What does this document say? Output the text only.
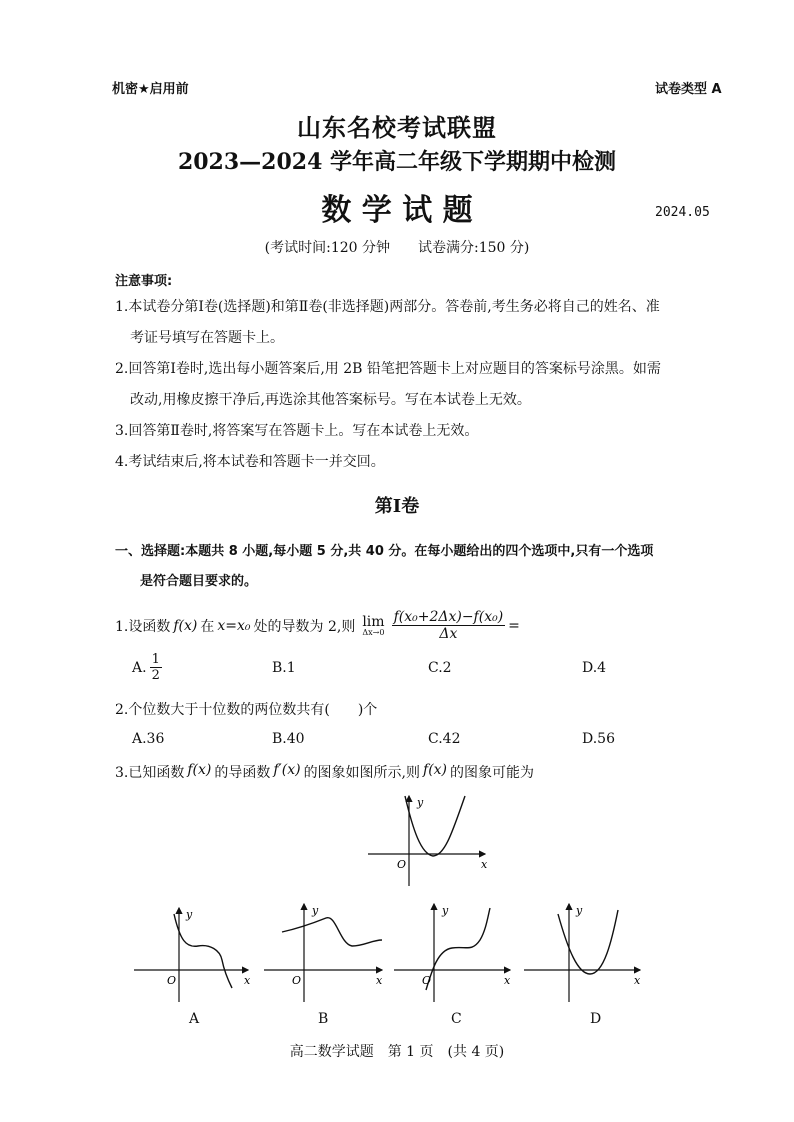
机密★启用前	试卷类型 A
山东名校考试联盟
2023—2024 学年高二年级下学期期中检测
数 学 试 题	2024.05
(考试时间:120 分钟　　试卷满分:150 分)
注意事项:
1.本试卷分第Ⅰ卷(选择题)和第Ⅱ卷(非选择题)两部分。答卷前,考生务必将自己的姓名、准
考证号填写在答题卡上。
2.回答第Ⅰ卷时,选出每小题答案后,用 2B 铅笔把答题卡上对应题目的答案标号涂黑。如需
改动,用橡皮擦干净后,再选涂其他答案标号。写在本试卷上无效。
3.回答第Ⅱ卷时,将答案写在答题卡上。写在本试卷上无效。
4.考试结束后,将本试卷和答题卡一并交回。
第Ⅰ卷
一、选择题:本题共 8 小题,每小题 5 分,共 40 分。在每小题给出的四个选项中,只有一个选项
是符合题目要求的。
1.设函数 f(x) 在 x=x₀ 处的导数为 2,则 lim
$\Delta x\to 0 \frac{\text{f(x₀+2Δx)−f(x₀)}}{\Delta x}$ =
A. $\frac{1}{2}$	B.1	C.2	D.4
2.个位数大于十位数的两位数共有(　　)个
A.36	B.40	C.42	D.56
3.已知函数 f(x) 的导函数 f′(x) 的图象如图所示,则 f(x) 的图象可能为
y
x
O
y
x
O
y
x
O
y
x
O
y
x
A	B	C	D
高二数学试题　第 1 页　(共 4 页)
